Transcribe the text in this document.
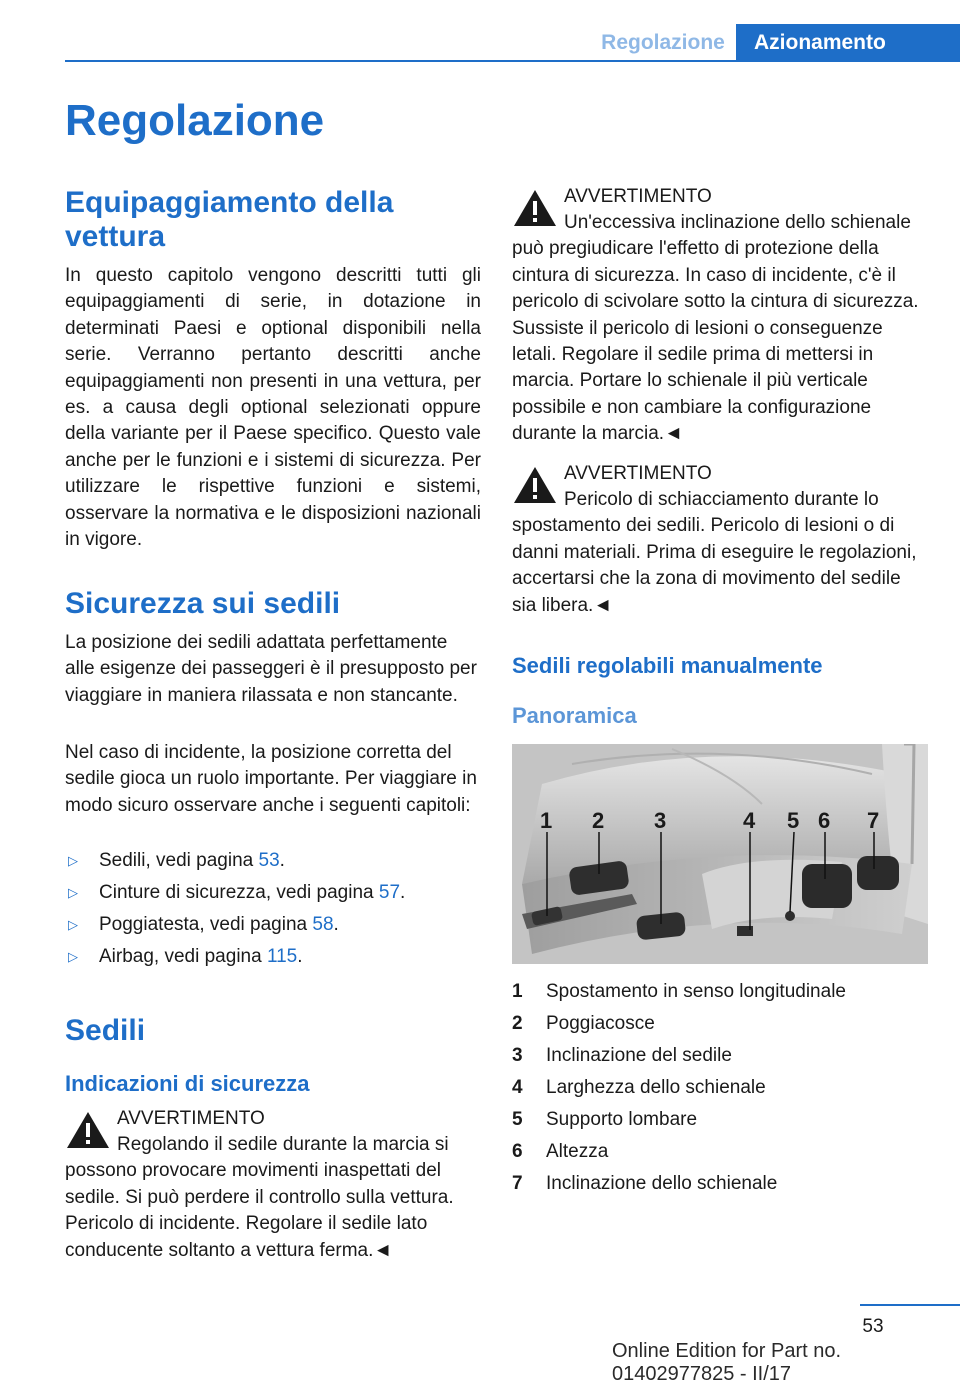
Regolazione	Azionamento
Regolazione
Equipaggiamento della vettura
In questo capitolo vengono descritti tutti gli equipaggiamenti di serie, in dotazione in determinati Paesi e optional disponibili nella serie. Verranno pertanto descritti anche equipaggiamenti non presenti in una vettura, per es. a causa degli optional selezionati oppure della variante per il Paese specifico. Questo vale anche per le funzioni e i sistemi di sicurezza. Per utilizzare le rispettive funzioni e sistemi, osservare la normativa e le disposizioni nazionali in vigore.
Sicurezza sui sedili
La posizione dei sedili adattata perfettamente alle esigenze dei passeggeri è il presupposto per viaggiare in maniera rilassata e non stancante.
Nel caso di incidente, la posizione corretta del sedile gioca un ruolo importante. Per viaggiare in modo sicuro osservare anche i seguenti capitoli:
▷ Sedili, vedi pagina 53.
▷ Cinture di sicurezza, vedi pagina 57.
▷ Poggiatesta, vedi pagina 58.
▷ Airbag, vedi pagina 115.
Sedili
Indicazioni di sicurezza
AVVERTIMENTO
Regolando il sedile durante la marcia si possono provocare movimenti inaspettati del sedile. Si può perdere il controllo sulla vettura. Pericolo di incidente. Regolare il sedile lato conducente soltanto a vettura ferma.◄
AVVERTIMENTO
Un'eccessiva inclinazione dello schienale può pregiudicare l'effetto di protezione della cintura di sicurezza. In caso di incidente, c'è il pericolo di scivolare sotto la cintura di sicurezza. Sussiste il pericolo di lesioni o conseguenze letali. Regolare il sedile prima di mettersi in marcia. Portare lo schienale il più verticale possibile e non cambiare la configurazione durante la marcia.◄
AVVERTIMENTO
Pericolo di schiacciamento durante lo spostamento dei sedili. Pericolo di lesioni o di danni materiali. Prima di eseguire le regolazioni, accertarsi che la zona di movimento del sedile sia libera.◄
Sedili regolabili manualmente
Panoramica
1 2 3	4 5 6 7
1 Spostamento in senso longitudinale
2 Poggiacosce
3 Inclinazione del sedile
4 Larghezza dello schienale
5 Supporto lombare
6 Altezza
7 Inclinazione dello schienale
53
Online Edition for Part no. 01402977825 - II/17
